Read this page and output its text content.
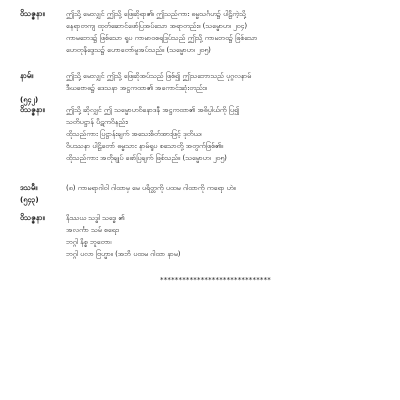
ဝိသဇ္ဇနာ။	ဤသို့ မေးလျှင် ဤသို့ ဖြေဆိုရာ၏၊ ဤသည်ကား ဓမ္မသင်္ဂဟ၌ ပါဠိကဲ့သို့
နေရာတကျ ထုတ်ဆောင်ဖော်ပြအပ်သော အရာတည်း။ (သမ္မောဟ၊ ၂၀၄)
ကာမဘေဒ၌ ဖြစ်သော ရူပ ကာမာဝစရဒြပ်သည် ဤသို့ ကာမဘဝ၌ ဖြစ်သော
ဟေတုနိဒ္ဒေသ၌ ဟောတော်မူအပ်သည်။ (သမ္မောဟ၊ ၂၀၅)
နာမ်။	ဤသို့ မေးလျှင် ဤသို့ ဖြေဆိုအပ်သည် ဖြစ်၍ ဤသဘောသည် ပုဂ္ဂလနာမ်
ဒီဃဗောဓ၌ ဒေသနာ အဋ္ဌကထာ၏ အကောင်းဆုံးတည်း။
(၅၄၂)
ဝိသဇ္ဇနာ။	ဤသို့ ဆိုလျှင် ဤ သမ္မောဟဝိနောဒနီ အဋ္ဌကထာ၏ အဓိပ္ပါယ်ကို ပြ၍
သတိပဋ္ဌာန် ပိဋကဝိနည်း၊
ထိုသည်ကား ပြဋ္ဌာန်းချက် အသေးစိတ်အားဖြင့် ဒုတိယ၊
ဝိပဿနာ ပါဠိတော် ဓမ္မသား နာမ်ရူပ စသောတို့ အတွက်ဖြစ်၏။
ထိုသည်ကား အတိုချုပ် ဖော်ပြချက် ဖြစ်သည်။ (သမ္မောဟ၊ ၂၀၅)
ဒသမီ။	(၈) ကာမရာဂါဝါ ဂါထာမှ မေ ပရိတ္တကို ပထမ ဂါထာကို ကရော ဟဲ။
(၅၄၃)
ဝိသဇ္ဇနာ။	နိဿယ သဒ္ဓါ သဒ္ဓေ ၏
အလင်္ကာ သမ် စရေး၊
ဘဂ္ဂါ နိစ္စ ဘူတော၊
ဘဂ္ဂါ ပလာ ဗြဟ္မာ။ (အဘိ ပထမ ဂါထာ နာမ)
******************************
